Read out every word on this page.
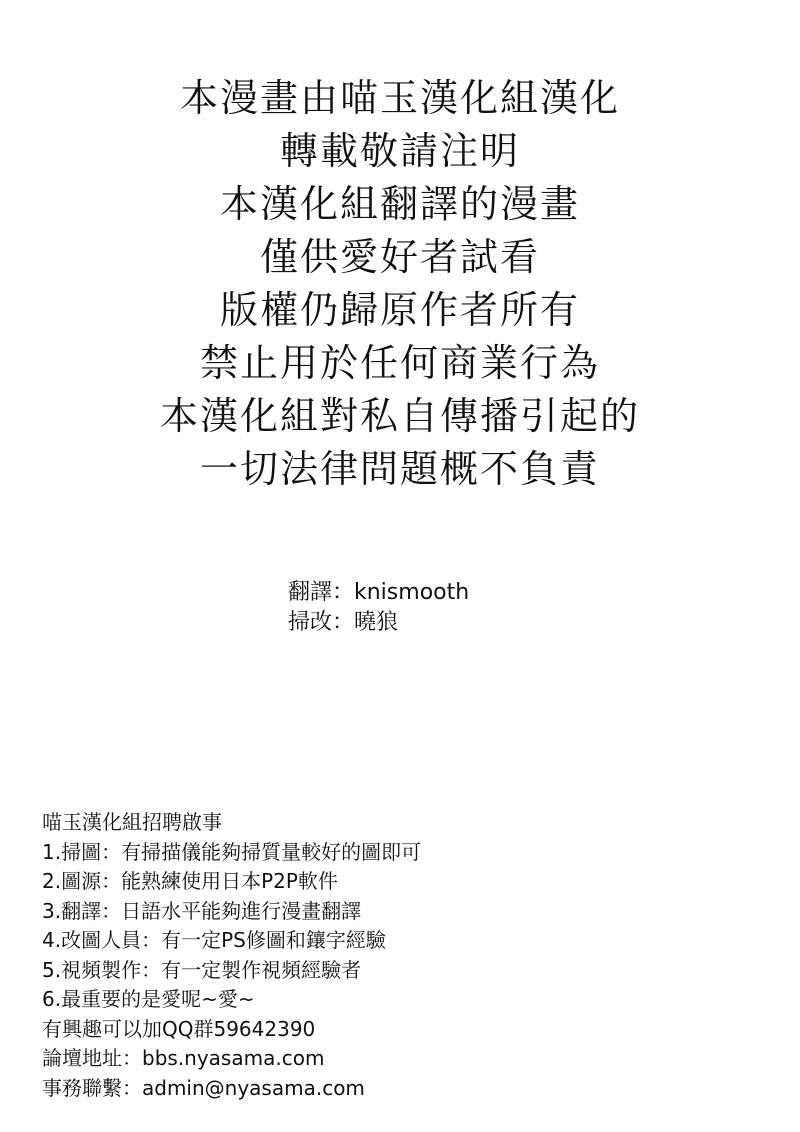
本漫畫由喵玉漢化組漢化
轉載敬請注明
本漢化組翻譯的漫畫
僅供愛好者試看
版權仍歸原作者所有
禁止用於任何商業行為
本漢化組對私自傳播引起的
一切法律問題概不負責
翻譯：knismooth
掃改：曉狼
喵玉漢化組招聘啟事
1.掃圖：有掃描儀能夠掃質量較好的圖即可
2.圖源：能熟練使用日本P2P軟件
3.翻譯：日語水平能夠進行漫畫翻譯
4.改圖人員：有一定PS修圖和鑲字經驗
5.視頻製作：有一定製作視頻經驗者
6.最重要的是愛呢~愛~
有興趣可以加QQ群59642390
論壇地址：bbs.nyasama.com
事務聯繫：admin@nyasama.com
